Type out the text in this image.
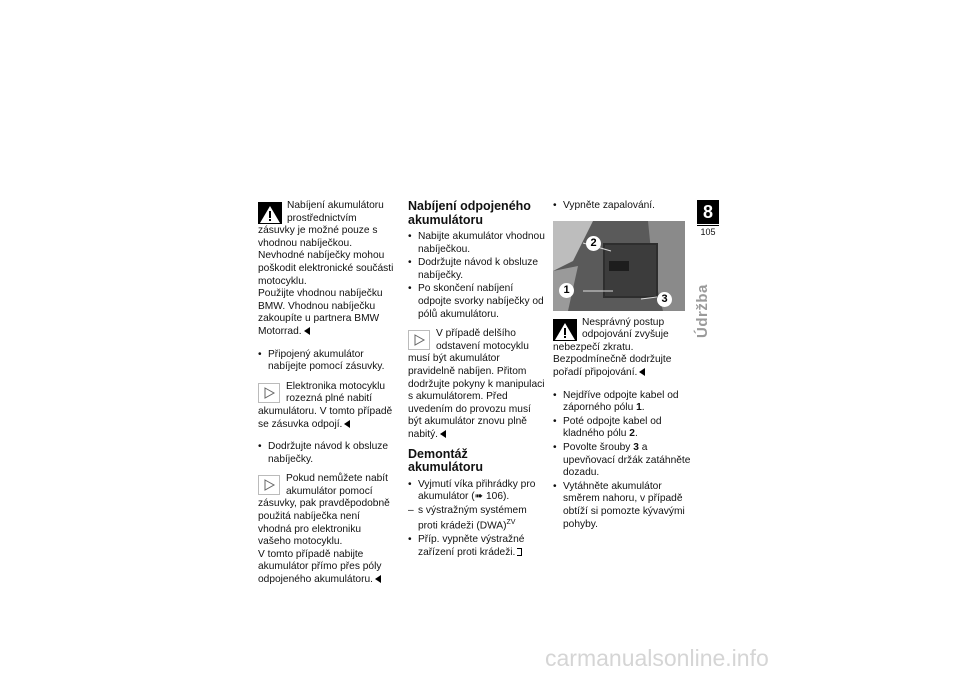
Nabíjení akumulátoru prostřednictvím zásuvky je možné pouze s vhodnou nabíječkou. Nevhodné nabíječky mohou poškodit elektronické součásti motocyklu.

Použijte vhodnou nabíječku BMW. Vhodnou nabíječku zakoupíte u partnera BMW Motorrad.

• Připojený akumulátor nabíjejte pomocí zásuvky.

Elektronika motocyklu rozezná plné nabití akumulátoru. V tomto případě se zásuvka odpojí.

• Dodržujte návod k obsluze nabíječky.

Pokud nemůžete nabít akumulátor pomocí zásuvky, pak pravděpodobně použitá nabíječka není vhodná pro elektroniku vašeho motocyklu.

V tomto případě nabijte akumulátor přímo přes póly odpojeného akumulátoru.

Nabíjení odpojeného akumulátoru
• Nabijte akumulátor vhodnou nabíječkou.
• Dodržujte návod k obsluze nabíječky.
• Po skončení nabíjení odpojte svorky nabíječky od pólů akumulátoru.

V případě delšího odstavení motocyklu musí být akumulátor pravidelně nabíjen. Přitom dodržujte pokyny k manipulaci s akumulátorem. Před uvedením do provozu musí být akumulátor znovu plně nabitý.

Demontáž akumulátoru
• Vyjmutí víka přihrádky pro akumulátor (➠ 106).
– s výstražným systémem proti krádeži (DWA)$^{ZV}$
• Příp. vypněte výstražné zařízení proti krádeži.
• Vypněte zapalování.
2
1
3

Nesprávný postup odpojování zvyšuje nebezpečí zkratu.

Bezpodmínečně dodržujte pořadí připojování.

• Nejdříve odpojte kabel od záporného pólu 1.
• Poté odpojte kabel od kladného pólu 2.
• Povolte šrouby 3 a upevňovací držák zatáhněte dozadu.
• Vytáhněte akumulátor směrem nahoru, v případě obtíží si pomozte kývavými pohyby.
8
105
Údržba
carmanualsonline.info
